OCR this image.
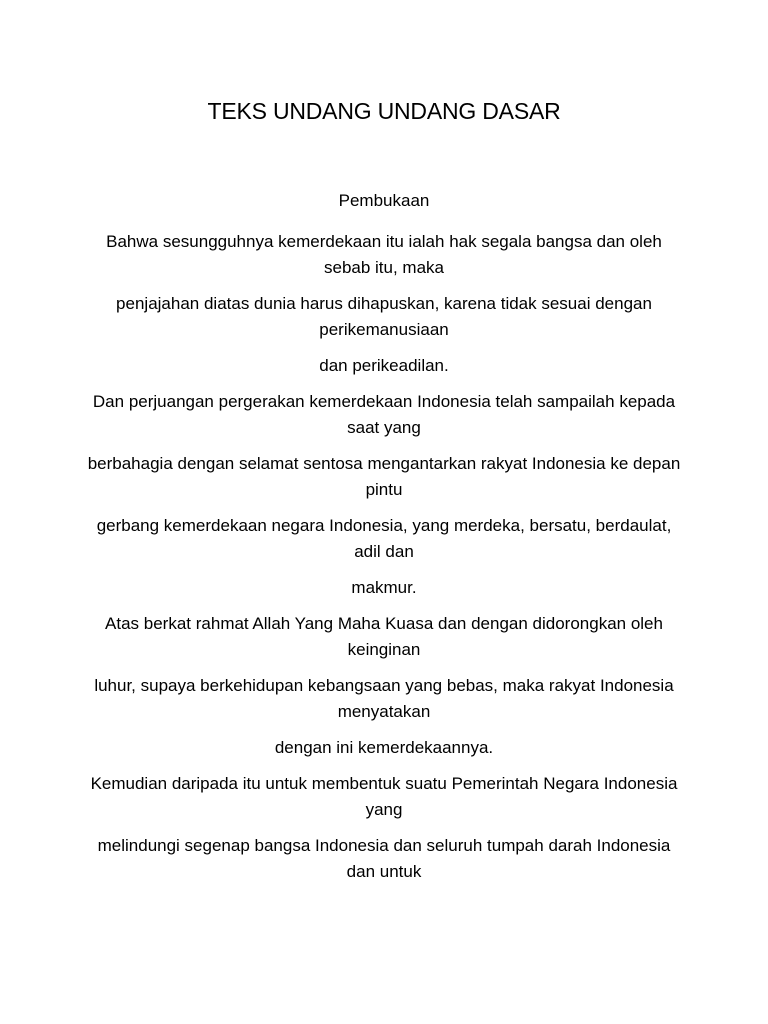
TEKS UNDANG UNDANG DASAR
Pembukaan

Bahwa sesungguhnya kemerdekaan itu ialah hak segala bangsa dan oleh sebab itu, maka

penjajahan diatas dunia harus dihapuskan, karena tidak sesuai dengan perikemanusiaan

dan perikeadilan.

Dan perjuangan pergerakan kemerdekaan Indonesia telah sampailah kepada saat yang

berbahagia dengan selamat sentosa mengantarkan rakyat Indonesia ke depan pintu

gerbang kemerdekaan negara Indonesia, yang merdeka, bersatu, berdaulat, adil dan

makmur.

Atas berkat rahmat Allah Yang Maha Kuasa dan dengan didorongkan oleh keinginan

luhur, supaya berkehidupan kebangsaan yang bebas, maka rakyat Indonesia menyatakan

dengan ini kemerdekaannya.

Kemudian daripada itu untuk membentuk suatu Pemerintah Negara Indonesia yang

melindungi segenap bangsa Indonesia dan seluruh tumpah darah Indonesia dan untuk
